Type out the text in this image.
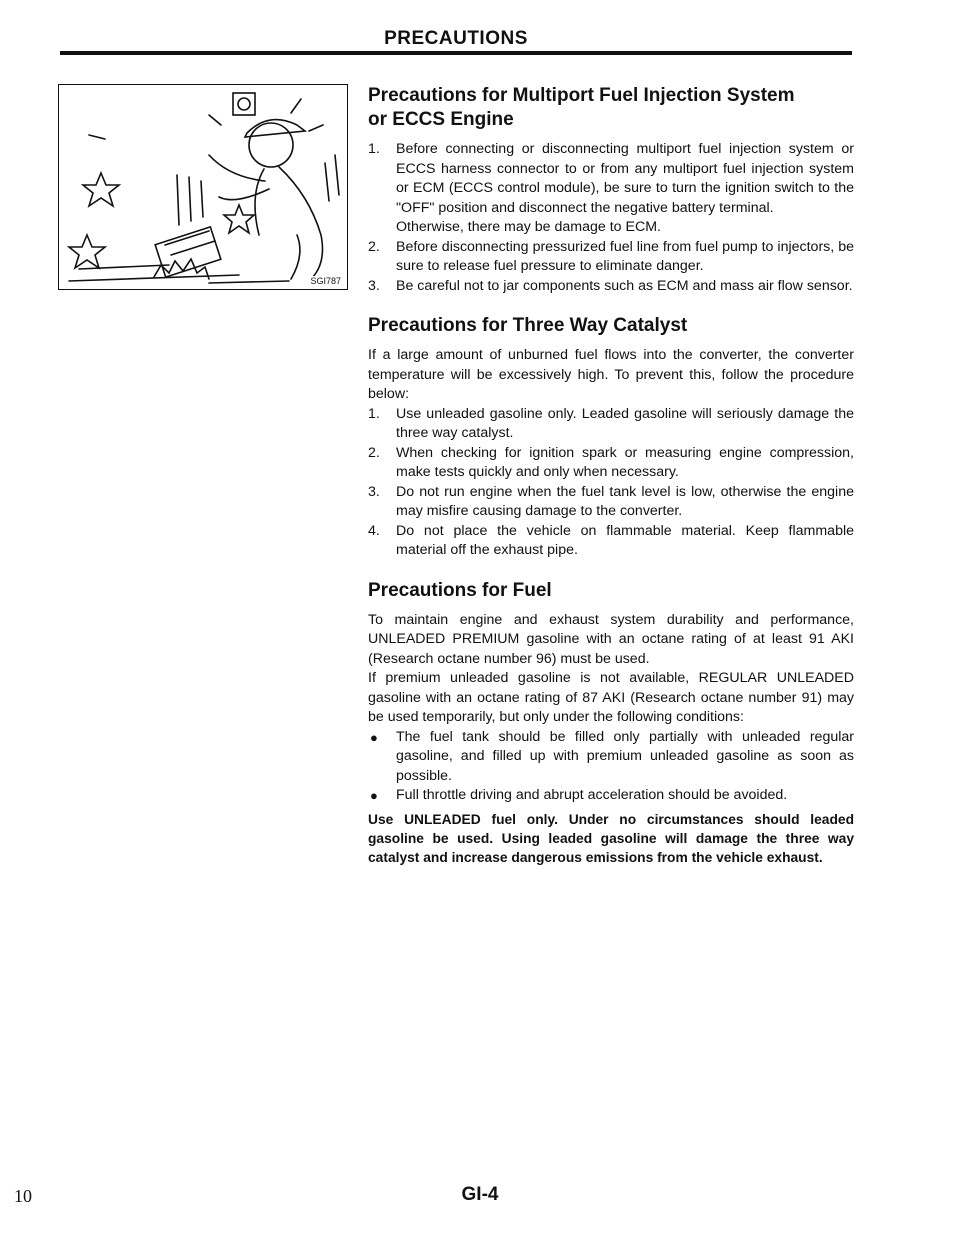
PRECAUTIONS
SGI787
Precautions for Multiport Fuel Injection System
or ECCS Engine
1. Before connecting or disconnecting multiport fuel injection system or ECCS harness connector to or from any multiport fuel injection system or ECM (ECCS control module), be sure to turn the ignition switch to the "OFF" position and disconnect the negative battery terminal.
Otherwise, there may be damage to ECM.
2. Before disconnecting pressurized fuel line from fuel pump to injectors, be sure to release fuel pressure to eliminate danger.
3. Be careful not to jar components such as ECM and mass air flow sensor.
Precautions for Three Way Catalyst

If a large amount of unburned fuel flows into the converter, the converter temperature will be excessively high. To prevent this, follow the procedure below:

1. Use unleaded gasoline only. Leaded gasoline will seriously damage the three way catalyst.
2. When checking for ignition spark or measuring engine compression, make tests quickly and only when necessary.
3. Do not run engine when the fuel tank level is low, otherwise the engine may misfire causing damage to the converter.
4. Do not place the vehicle on flammable material. Keep flammable material off the exhaust pipe.
Precautions for Fuel

To maintain engine and exhaust system durability and performance, UNLEADED PREMIUM gasoline with an octane rating of at least 91 AKI (Research octane number 96) must be used.

If premium unleaded gasoline is not available, REGULAR UNLEADED gasoline with an octane rating of 87 AKI (Research octane number 91) may be used temporarily, but only under the following conditions:

● The fuel tank should be filled only partially with unleaded regular gasoline, and filled up with premium unleaded gasoline as soon as possible.
● Full throttle driving and abrupt acceleration should be avoided.

Use UNLEADED fuel only. Under no circumstances should leaded gasoline be used. Using leaded gasoline will damage the three way catalyst and increase dangerous emissions from the vehicle exhaust.

10	GI-4
